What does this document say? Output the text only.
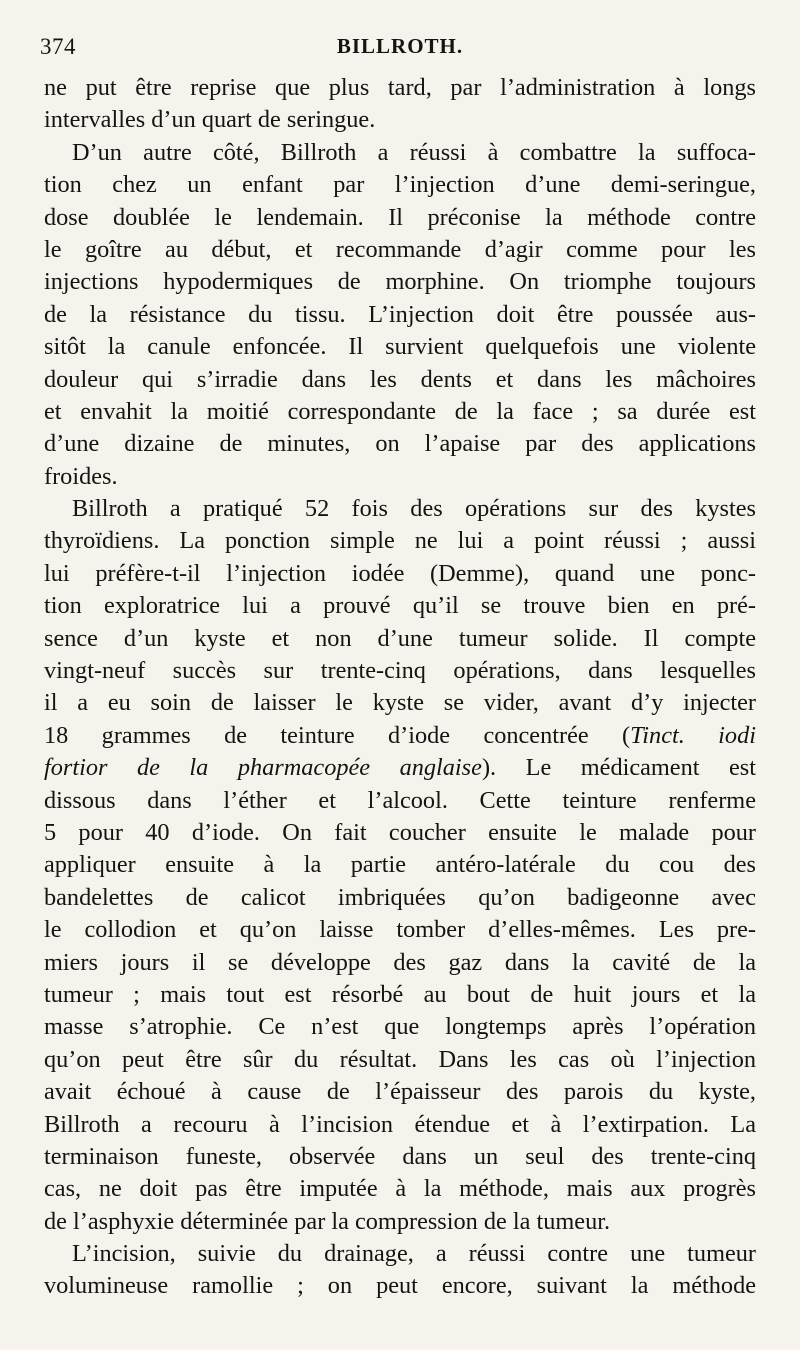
374	BILLROTH.
ne put être reprise que plus tard, par l’administration à longs
intervalles d’un quart de seringue.
D’un autre côté, Billroth a réussi à combattre la suffoca-
tion chez un enfant par l’injection d’une demi-seringue,
dose doublée le lendemain. Il préconise la méthode contre
le goître au début, et recommande d’agir comme pour les
injections hypodermiques de morphine. On triomphe toujours
de la résistance du tissu. L’injection doit être poussée aus-
sitôt la canule enfoncée. Il survient quelquefois une violente
douleur qui s’irradie dans les dents et dans les mâchoires
et envahit la moitié correspondante de la face ; sa durée est
d’une dizaine de minutes, on l’apaise par des applications
froides.
Billroth a pratiqué 52 fois des opérations sur des kystes
thyroïdiens. La ponction simple ne lui a point réussi ; aussi
lui préfère-t-il l’injection iodée (Demme), quand une ponc-
tion exploratrice lui a prouvé qu’il se trouve bien en pré-
sence d’un kyste et non d’une tumeur solide. Il compte
vingt-neuf succès sur trente-cinq opérations, dans lesquelles
il a eu soin de laisser le kyste se vider, avant d’y injecter
18 grammes de teinture d’iode concentrée (Tinct. iodi
fortior de la pharmacopée anglaise). Le médicament est
dissous dans l’éther et l’alcool. Cette teinture renferme
5 pour 40 d’iode. On fait coucher ensuite le malade pour
appliquer ensuite à la partie antéro-latérale du cou des
bandelettes de calicot imbriquées qu’on badigeonne avec
le collodion et qu’on laisse tomber d’elles-mêmes. Les pre-
miers jours il se développe des gaz dans la cavité de la
tumeur ; mais tout est résorbé au bout de huit jours et la
masse s’atrophie. Ce n’est que longtemps après l’opération
qu’on peut être sûr du résultat. Dans les cas où l’injection
avait échoué à cause de l’épaisseur des parois du kyste,
Billroth a recouru à l’incision étendue et à l’extirpation. La
terminaison funeste, observée dans un seul des trente-cinq
cas, ne doit pas être imputée à la méthode, mais aux progrès
de l’asphyxie déterminée par la compression de la tumeur.
L’incision, suivie du drainage, a réussi contre une tumeur
volumineuse ramollie ; on peut encore, suivant la méthode
